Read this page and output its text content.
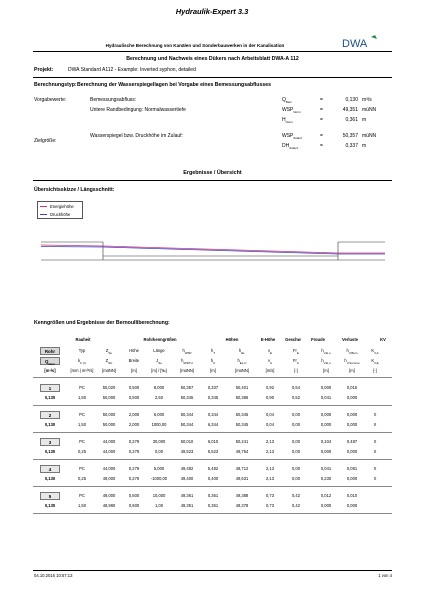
Hydraulik-Expert 3.3
Hydraulische Berechnung von Kanälen und Sonderbauwerken in der Kanalisation	DWA
Berechnung und Nachweis eines Dükers nach Arbeitsblatt DWA-A 112
Projekt:	DWA Standard A112 - Example: Inverted syphon, detailed
Berechnungstyp: Berechnung der Wasserspiegellagen bei Vorgabe eines Bemessungsabflusses
Vorgabewerte:
Zielgröße:
Bemessungsabfluss:	$Q_{Bem}$	=	0,130 m³/s
Untere Randbedingung: Normalwassertiefe	$WSP_{Norm}$	=	49,351 müNN
$H_{Norm}$	=	0,361 m
Wasserspiegel bzw. Druckhöhe im Zulauf:	$WSP_{Zulauf}$	=	50,357 müNN
$DH_{Zulauf}$	=	0,337 m
Ergebnisse / Übersicht
Übersichtsskizze / Längsschnitt:
Energiehöhe
Druckhöhe
Kenngrößen und Ergebnisse der Bernoulliberechnung:
Rauheit	Rohrkenngrößen	Höhen	E-Höhe	Geschw	Froude	Verluste	KV
Rohr	Typ	$Z_{So}$	Höhe	Länge	$h_{WSP}$	$h_T$	$h_{EL}$	$v_E$	$Fr_E$	$h_{V,E,o}$	$h_{V,Bem}$	$K_{V,A}$
$Q_{Bem}$
$k_{b | k}$	$Z_{SU}$	Breite	$J_{So}$	$h_{WSP,U}$	$h_U$	$h_{EL,U}$	$v_A$	$Fr_A$	$h_{V,E,u}$	$h_{V,Summe}$	$K_{V,E}$
[m³/s]	[mm | m¹/³/s]	[müNN]	[m]	[m] / [‰]	[müNN]	[m]	[müNN]	[m/s]	[-]	[m]	[m]	[-]
1
0,130
PC	50,020	0,500	8,000	50,357	0,337	50,401	0,92	0,54	0,000	0,015
1,50	50,000	0,500	2,50	50,345	0,345	50,386	0,90	0,52	0,041	0,000
2
0,130
PC	50,000	2,000	6,000	50,344	0,344	50,345	0,04	0,00	0,000	0,000	X
1,50	50,000	2,000	1000,00	50,344	6,344	50,345	0,04	0,00	0,000	0,000	X
3
0,130
PC	44,000	0,279	30,000	50,010	6,010	50,241	2,13	0,00	0,104	0,487	X
0,25	44,000	0,279	0,00	49,523	5,523	49,754	2,13	0,00	0,000	0,000	X
4
0,130
PC	44,000	0,279	5,000	49,482	5,482	49,712	2,13	0,00	0,041	0,081	X
0,25	49,000	0,279	-1000,00	49,400	0,400	49,631	2,13	0,00	0,230	0,000	X
5
0,130
PC	49,000	0,600	10,000	49,361	0,361	49,388	0,73	0,42	0,012	0,010
1,50	48,990	0,600	1,00	49,351	0,361	49,378	0,73	0,42	0,000	0,000
04.10.2016 10:57:13	1 von 4
